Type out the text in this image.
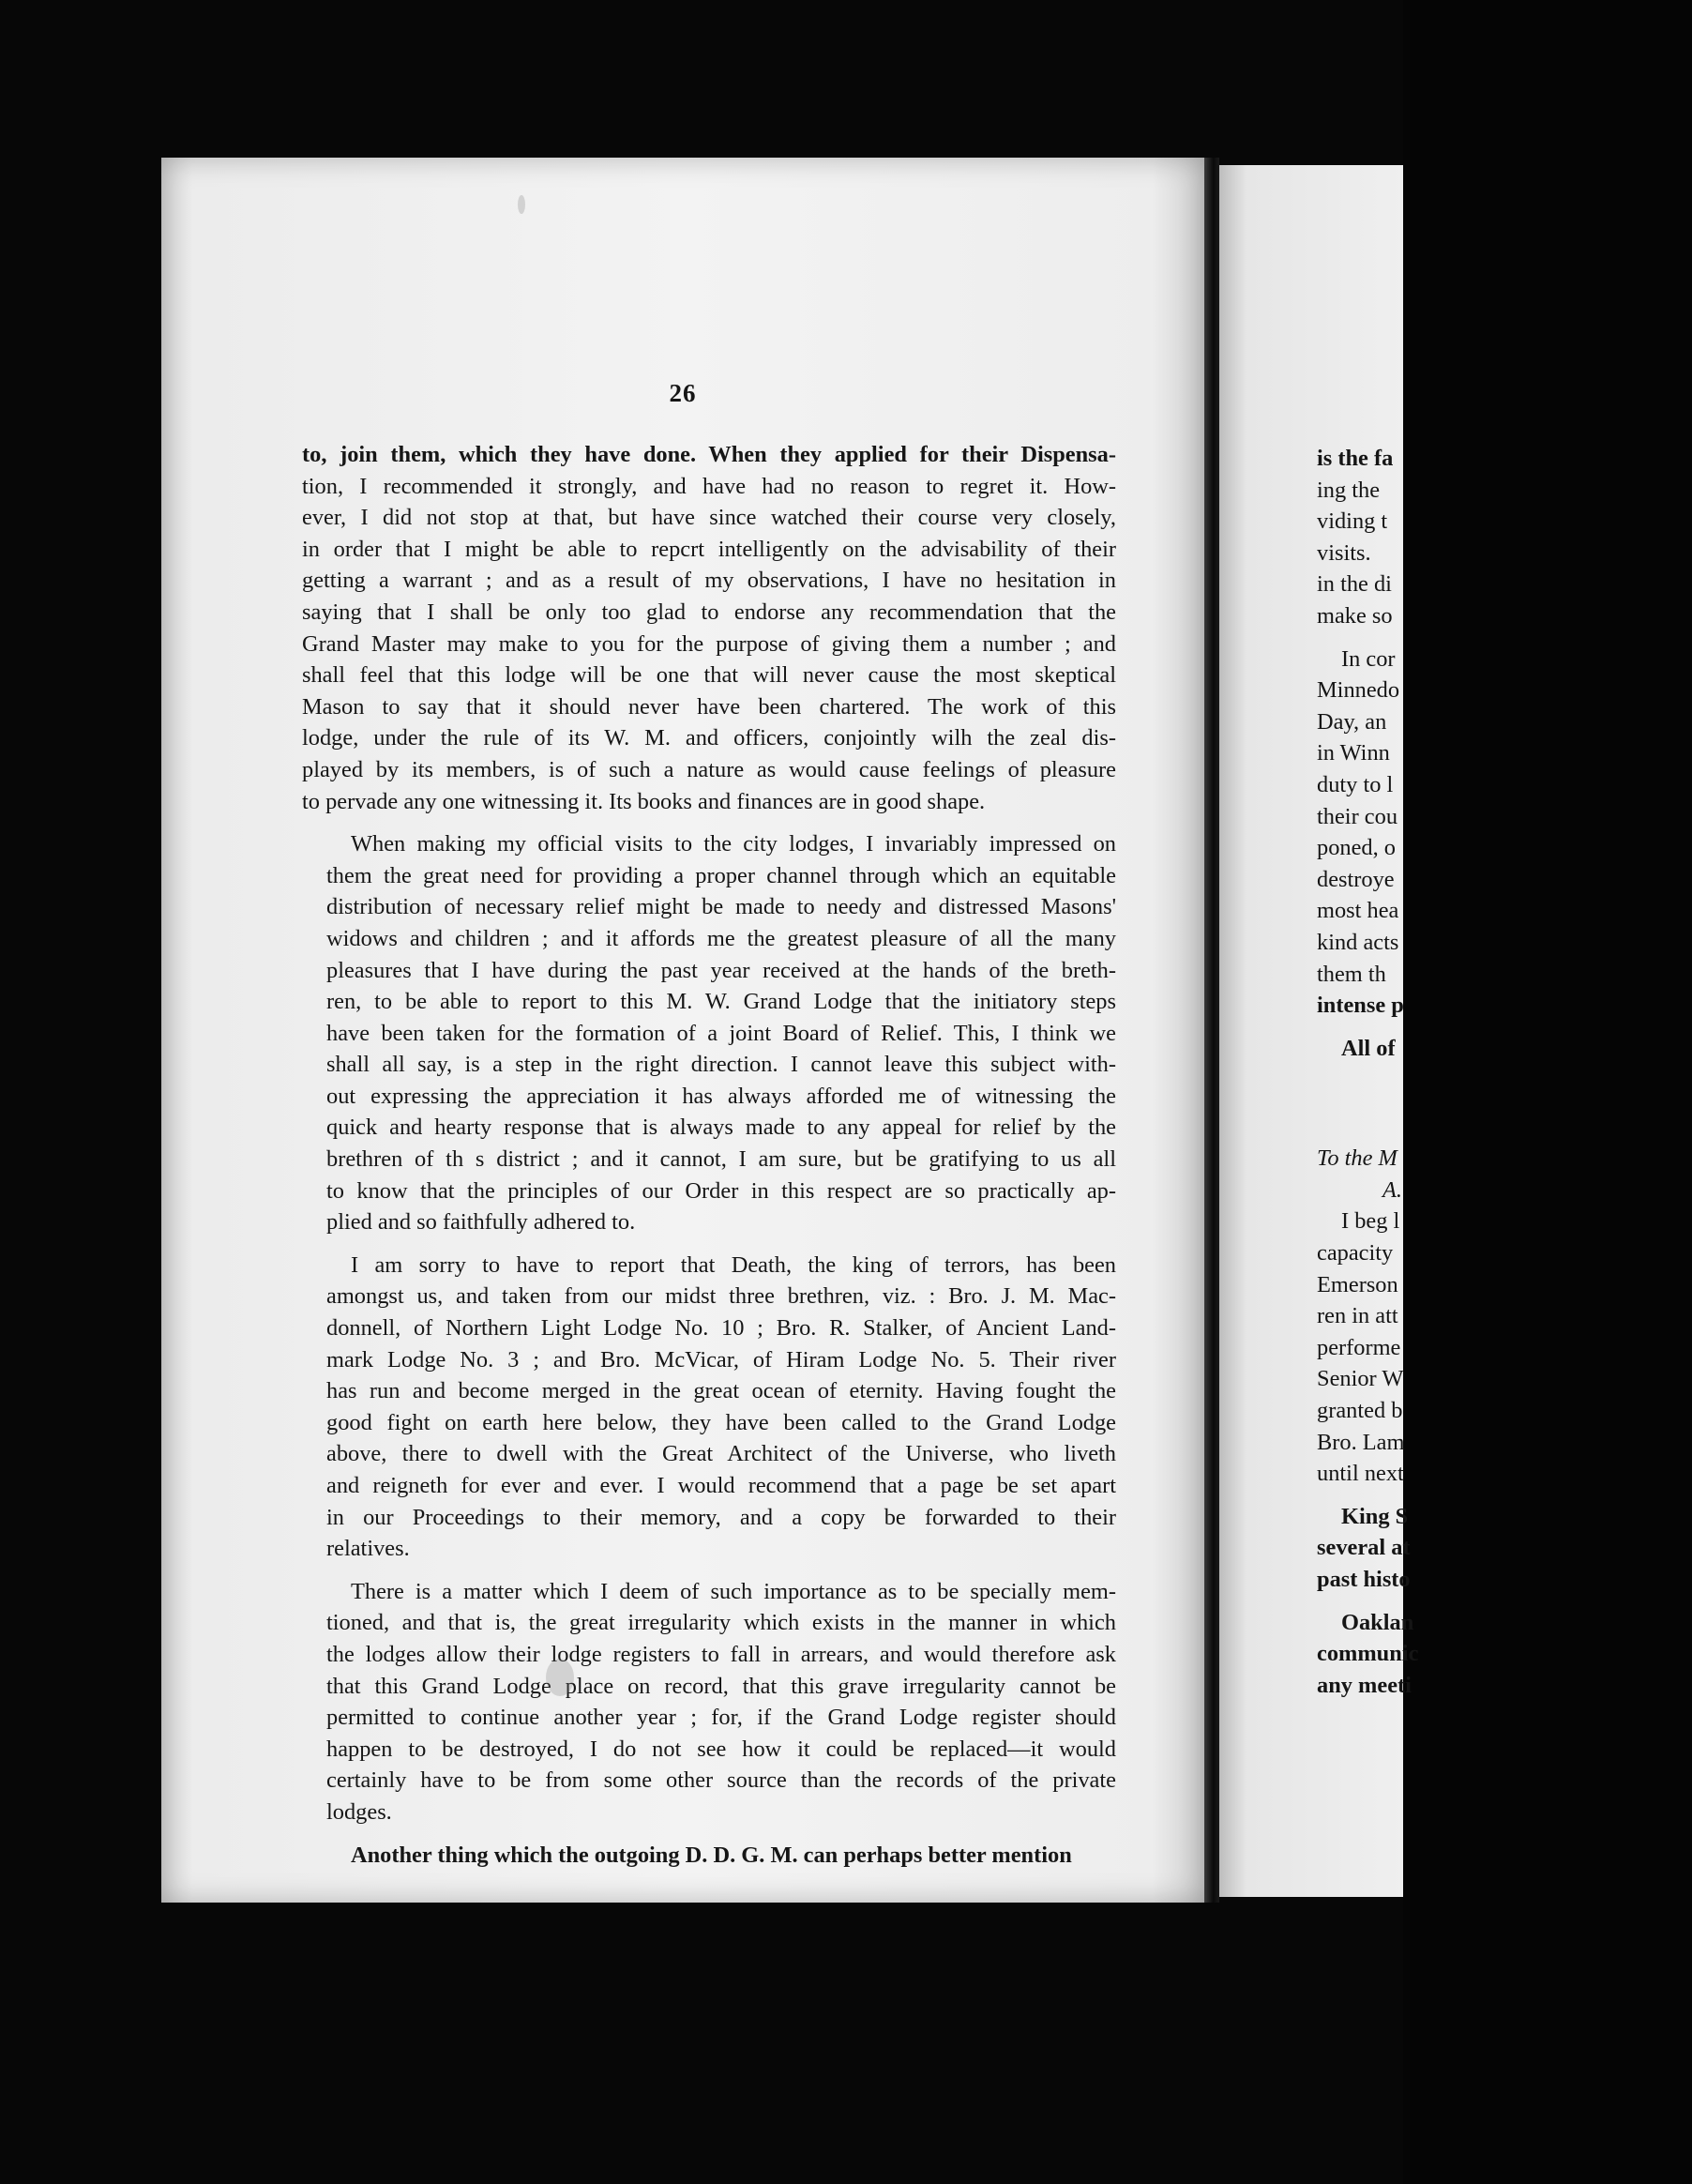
26
to, join them, which they have done. When they applied for their Dispensa-
tion, I recommended it strongly, and have had no reason to regret it. How-
ever, I did not stop at that, but have since watched their course very closely,
in order that I might be able to repcrt intelligently on the advisability of their
getting a warrant ; and as a result of my observations, I have no hesitation in
saying that I shall be only too glad to endorse any recommendation that the
Grand Master may make to you for the purpose of giving them a number ; and
shall feel that this lodge will be one that will never cause the most skeptical
Mason to say that it should never have been chartered. The work of this
lodge, under the rule of its W. M. and officers, conjointly wilh the zeal dis-
played by its members, is of such a nature as would cause feelings of pleasure
to pervade any one witnessing it. Its books and finances are in good shape.
When making my official visits to the city lodges, I invariably impressed on
them the great need for providing a proper channel through which an equitable
distribution of necessary relief might be made to needy and distressed Masons'
widows and children ; and it affords me the greatest pleasure of all the many
pleasures that I have during the past year received at the hands of the breth-
ren, to be able to report to this M. W. Grand Lodge that the initiatory steps
have been taken for the formation of a joint Board of Relief. This, I think we
shall all say, is a step in the right direction. I cannot leave this subject with-
out expressing the appreciation it has always afforded me of witnessing the
quick and hearty response that is always made to any appeal for relief by the
brethren of th s district ; and it cannot, I am sure, but be gratifying to us all
to know that the principles of our Order in this respect are so practically ap-
plied and so faithfully adhered to.
I am sorry to have to report that Death, the king of terrors, has been
amongst us, and taken from our midst three brethren, viz. : Bro. J. M. Mac-
donnell, of Northern Light Lodge No. 10 ; Bro. R. Stalker, of Ancient Land-
mark Lodge No. 3 ; and Bro. McVicar, of Hiram Lodge No. 5. Their river
has run and become merged in the great ocean of eternity. Having fought the
good fight on earth here below, they have been called to the Grand Lodge
above, there to dwell with the Great Architect of the Universe, who liveth
and reigneth for ever and ever. I would recommend that a page be set apart
in our Proceedings to their memory, and a copy be forwarded to their
relatives.
There is a matter which I deem of such importance as to be specially mem-
tioned, and that is, the great irregularity which exists in the manner in which
the lodges allow their lodge registers to fall in arrears, and would therefore ask
that this Grand Lodge place on record, that this grave irregularity cannot be
permitted to continue another year ; for, if the Grand Lodge register should
happen to be destroyed, I do not see how it could be replaced—it would
certainly have to be from some other source than the records of the private
lodges.
Another thing which the outgoing D. D. G. M. can perhaps better mention
is the fa
ing the
viding t
visits.
in the di
make so
In cor
Minnedo
Day, an
in Winn
duty to l
their cou
poned, o
destroye
most hea
kind acts
them th
intense p
All of
To the M
A.
I beg l
capacity
Emerson
ren in att
performe
Senior W
granted b
Bro. Lam
until next
King S
several at
past histo
Oaklan
communic
any meeti
